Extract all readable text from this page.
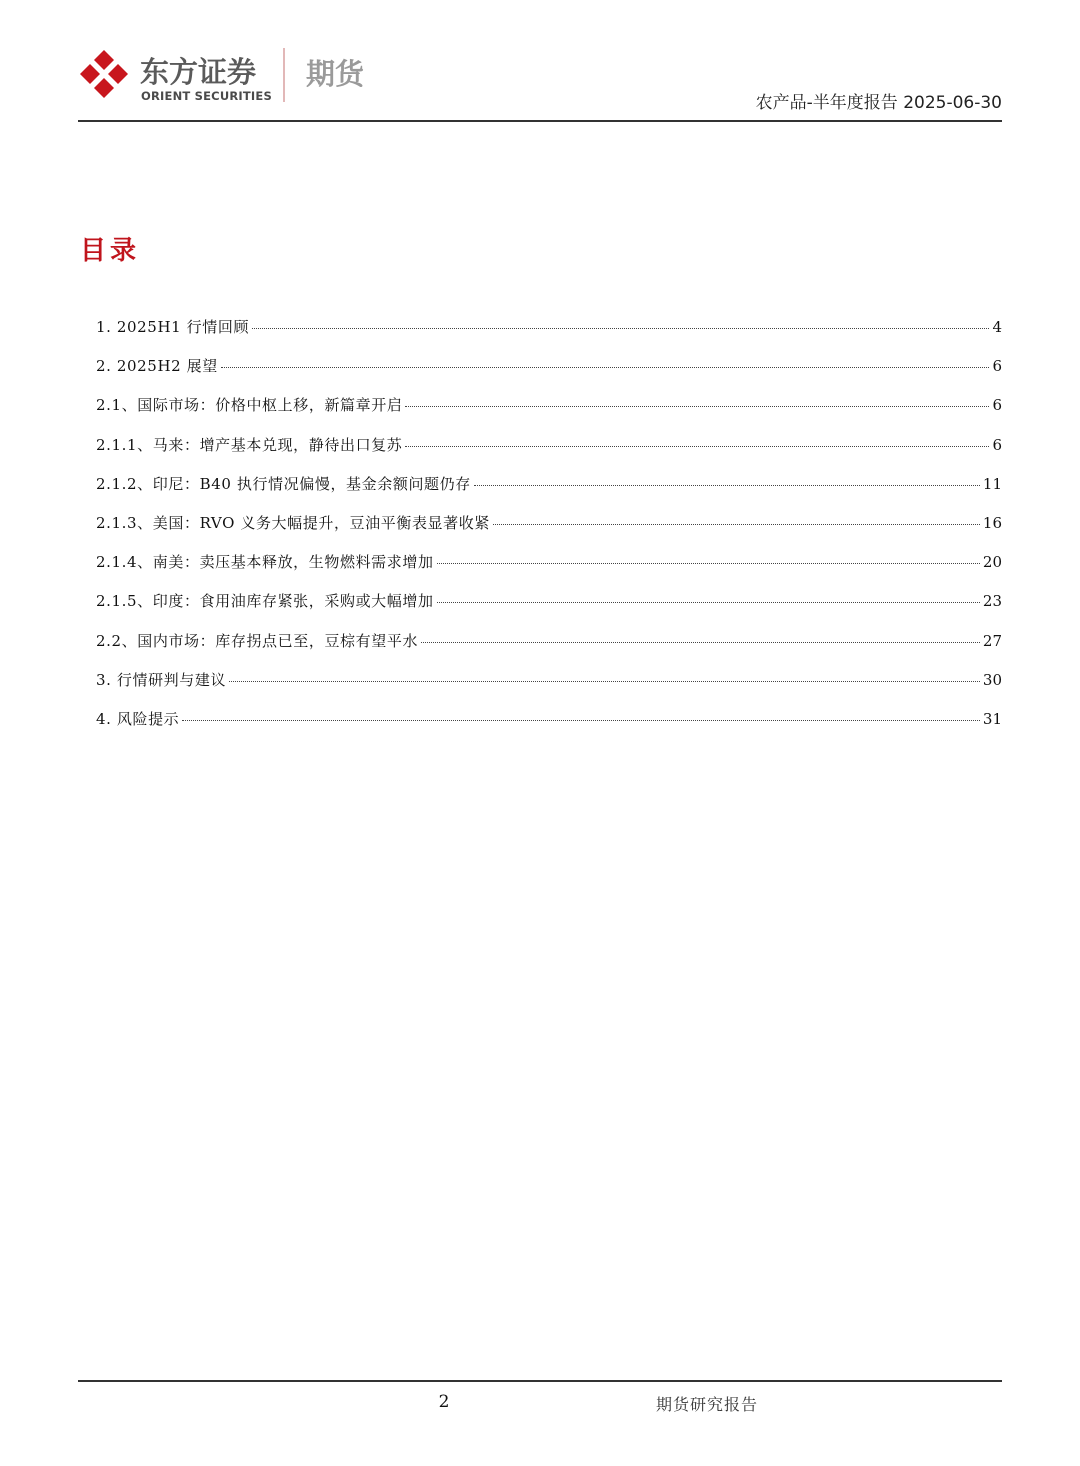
东方证券
ORIENT SECURITIES
期货
农产品-半年度报告 2025-06-30
目录
1. 2025H1 行情回顾	4
2. 2025H2 展望	6
2.1、国际市场：价格中枢上移，新篇章开启	6
2.1.1、马来：增产基本兑现，静待出口复苏	6
2.1.2、印尼：B40 执行情况偏慢，基金余额问题仍存	11
2.1.3、美国：RVO 义务大幅提升，豆油平衡表显著收紧	16
2.1.4、南美：卖压基本释放，生物燃料需求增加	20
2.1.5、印度：食用油库存紧张，采购或大幅增加	23
2.2、国内市场：库存拐点已至，豆棕有望平水	27
3. 行情研判与建议	30
4. 风险提示	31
2	期货研究报告
